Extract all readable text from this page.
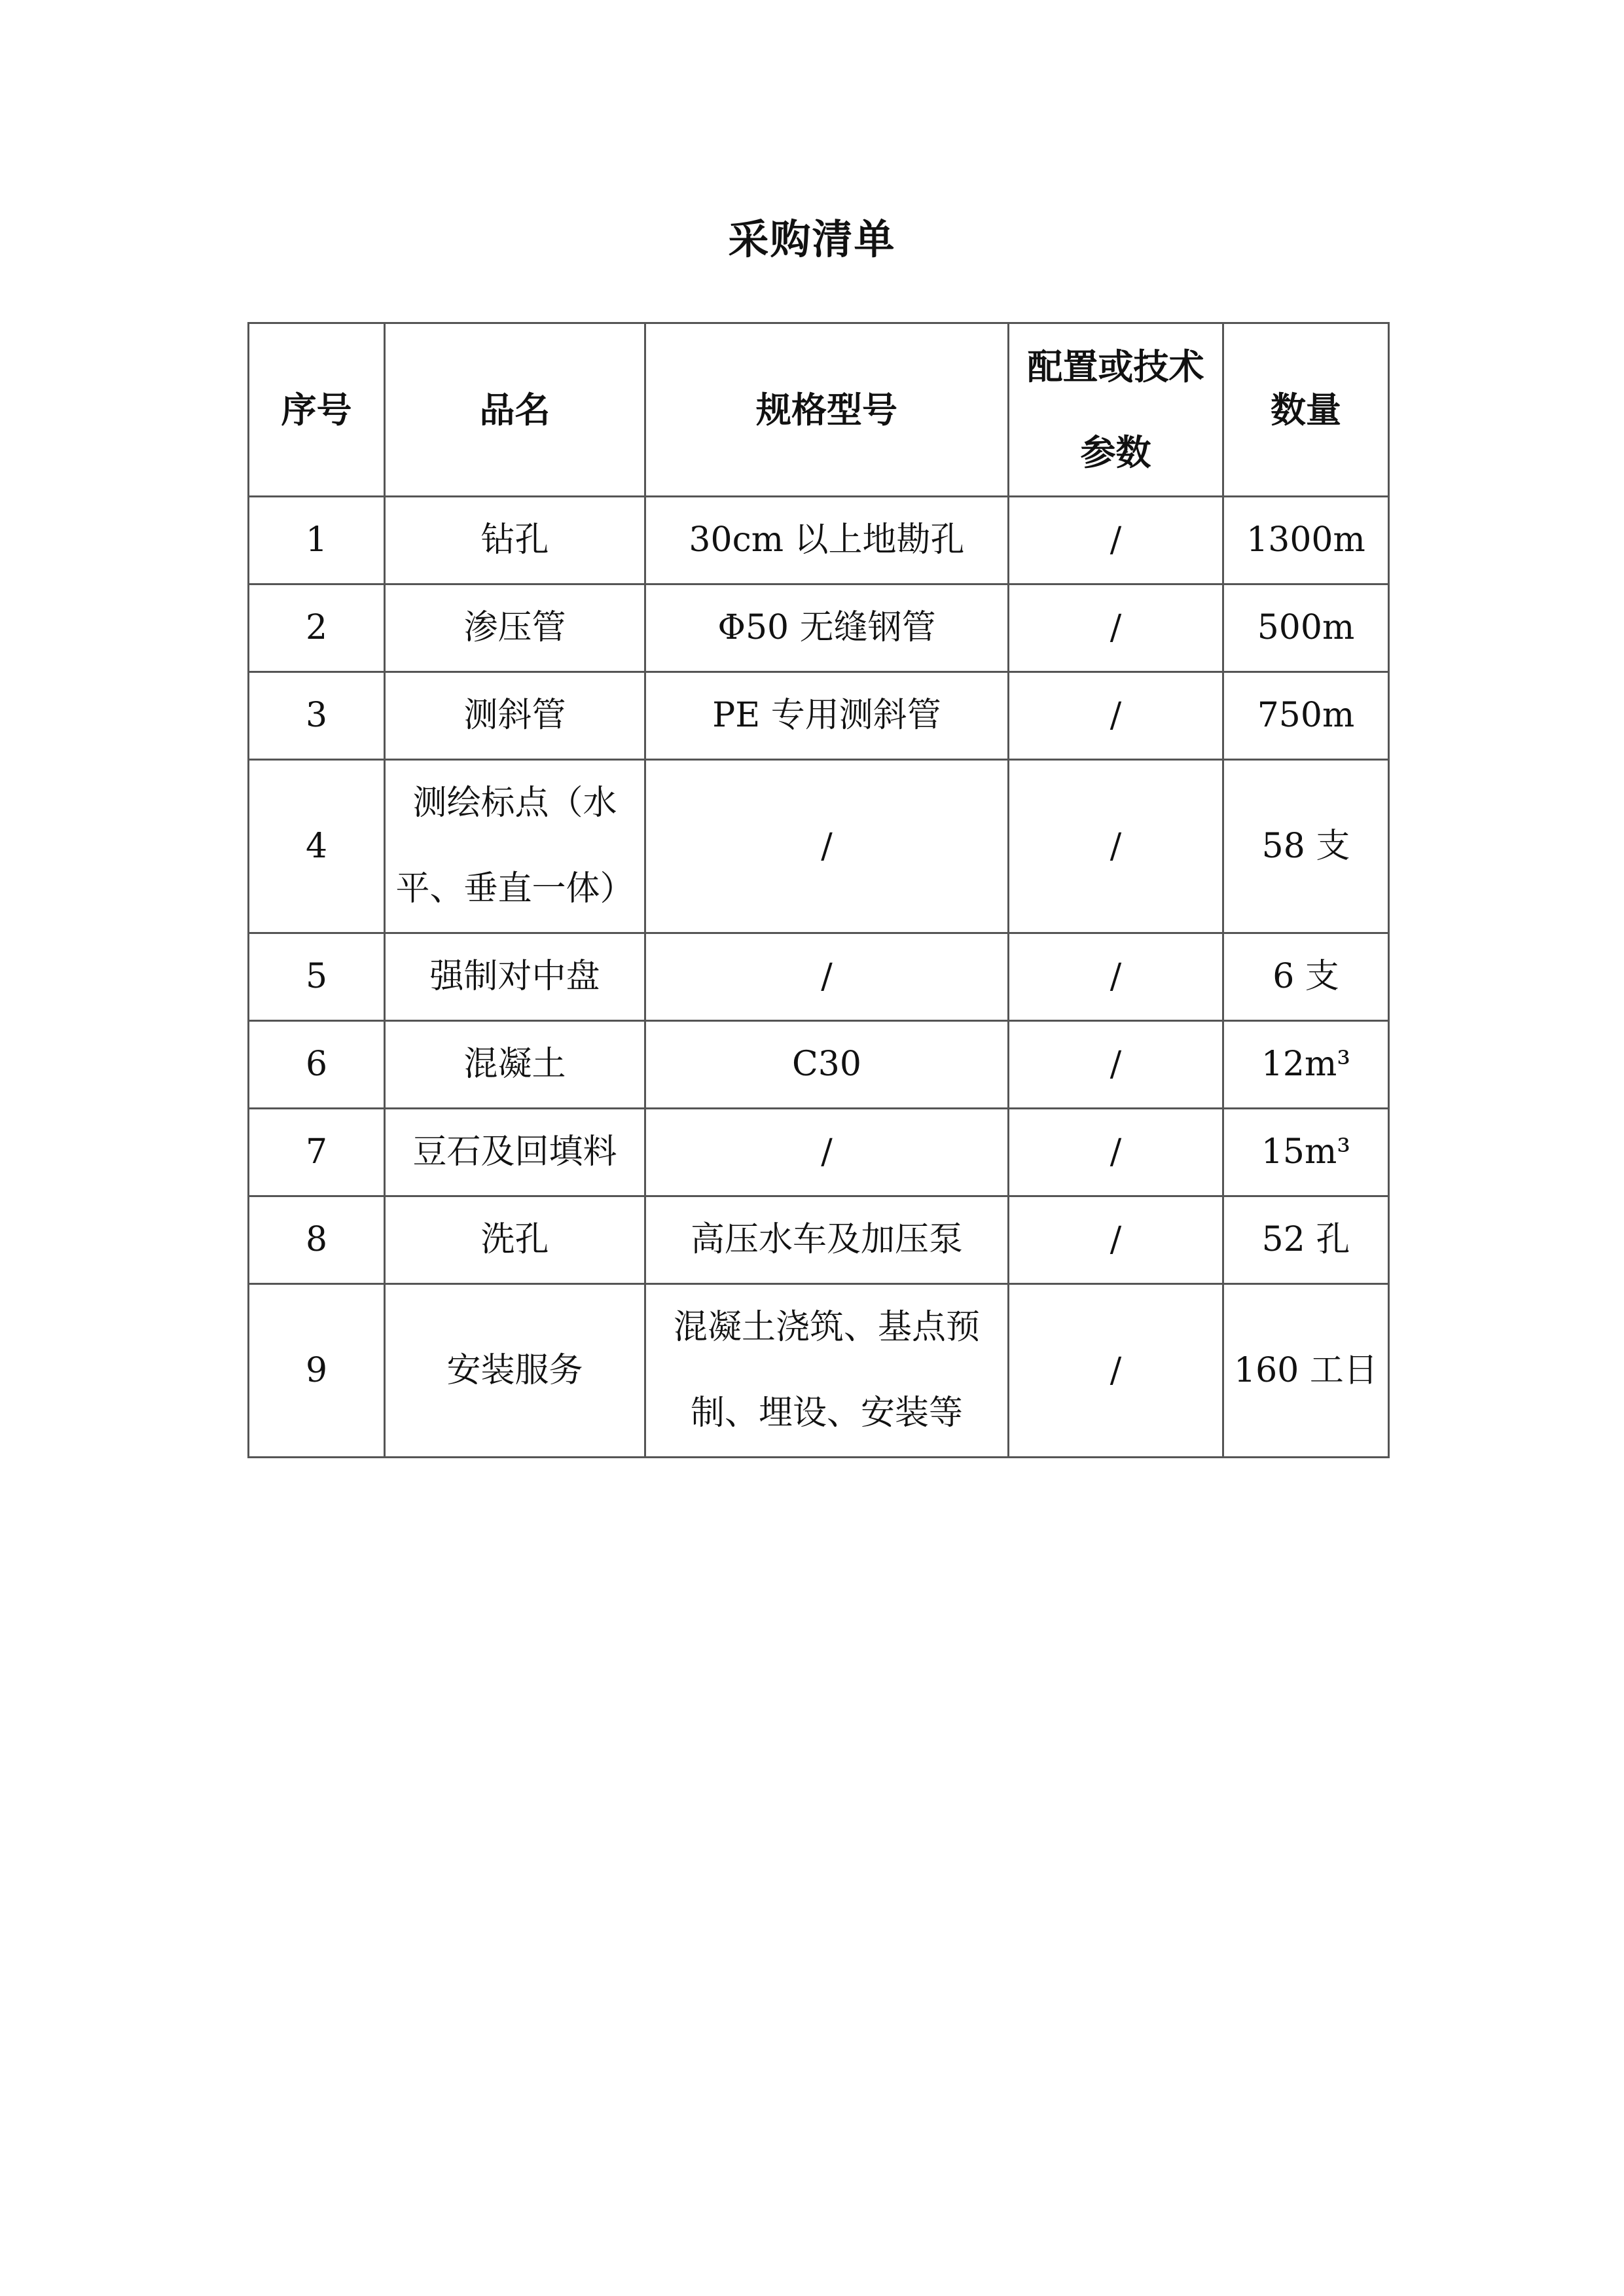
采购清单
序号	品名	规格型号	配置或技术参数	数量
1	钻孔	30cm 以上地勘孔	/	1300m
2	渗压管	Φ50 无缝钢管	/	500m
3	测斜管	PE 专用测斜管	/	750m
4	测绘标点（水平、垂直一体）	/	/	58 支
5	强制对中盘	/	/	6 支
6	混凝土	C30	/	12m³
7	豆石及回填料	/	/	15m³
8	洗孔	高压水车及加压泵	/	52 孔
9	安装服务	混凝土浇筑、基点预制、埋设、安装等	/	160 工日
